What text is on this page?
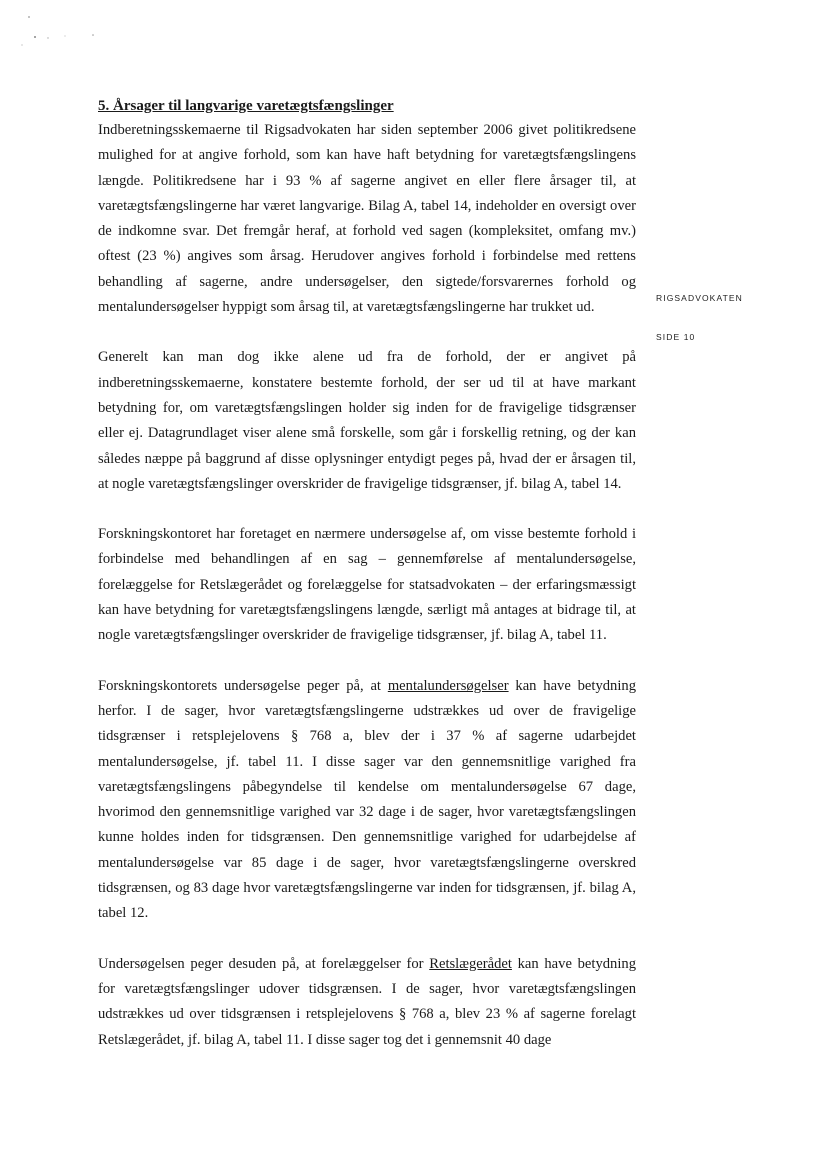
RIGSADVOKATEN
SIDE 10

5. Årsager til langvarige varetægtsfængslinger

Indberetningsskemaerne til Rigsadvokaten har siden september 2006 givet politikredsene mulighed for at angive forhold, som kan have haft betydning for varetægtsfængslingens længde. Politikredsene har i 93 % af sagerne angivet en eller flere årsager til, at varetægtsfængslingerne har været langvarige. Bilag A, tabel 14, indeholder en oversigt over de indkomne svar. Det fremgår heraf, at forhold ved sagen (kompleksitet, omfang mv.) oftest (23 %) angives som årsag. Herudover angives forhold i forbindelse med rettens behandling af sagerne, andre undersøgelser, den sigtede/forsvarernes forhold og mentalundersøgelser hyppigt som årsag til, at varetægtsfængslingerne har trukket ud.

Generelt kan man dog ikke alene ud fra de forhold, der er angivet på indberetningsskemaerne, konstatere bestemte forhold, der ser ud til at have markant betydning for, om varetægtsfængslingen holder sig inden for de fravigelige tidsgrænser eller ej. Datagrundlaget viser alene små forskelle, som går i forskellig retning, og der kan således næppe på baggrund af disse oplysninger entydigt peges på, hvad der er årsagen til, at nogle varetægtsfængslinger overskrider de fravigelige tidsgrænser, jf. bilag A, tabel 14.

Forskningskontoret har foretaget en nærmere undersøgelse af, om visse bestemte forhold i forbindelse med behandlingen af en sag – gennemførelse af mentalundersøgelse, forelæggelse for Retslægerådet og forelæggelse for statsadvokaten – der erfaringsmæssigt kan have betydning for varetægtsfængslingens længde, særligt må antages at bidrage til, at nogle varetægtsfængslinger overskrider de fravigelige tidsgrænser, jf. bilag A, tabel 11.

Forskningskontorets undersøgelse peger på, at mentalundersøgelser kan have betydning herfor. I de sager, hvor varetægtsfængslingerne udstrækkes ud over de fravigelige tidsgrænser i retsplejelovens § 768 a, blev der i 37 % af sagerne udarbejdet mentalundersøgelse, jf. tabel 11. I disse sager var den gennemsnitlige varighed fra varetægtsfængslingens påbegyndelse til kendelse om mentalundersøgelse 67 dage, hvorimod den gennemsnitlige varighed var 32 dage i de sager, hvor varetægtsfængslingen kunne holdes inden for tidsgrænsen. Den gennemsnitlige varighed for udarbejdelse af mentalundersøgelse var 85 dage i de sager, hvor varetægtsfængslingerne overskred tidsgrænsen, og 83 dage hvor varetægtsfængslingerne var inden for tidsgrænsen, jf. bilag A, tabel 12.

Undersøgelsen peger desuden på, at forelæggelser for Retslægerådet kan have betydning for varetægtsfængslinger udover tidsgrænsen. I de sager, hvor varetægtsfængslingen udstrækkes ud over tidsgrænsen i retsplejelovens § 768 a, blev 23 % af sagerne forelagt Retslægerådet, jf. bilag A, tabel 11. I disse sager tog det i gennemsnit 40 dage
